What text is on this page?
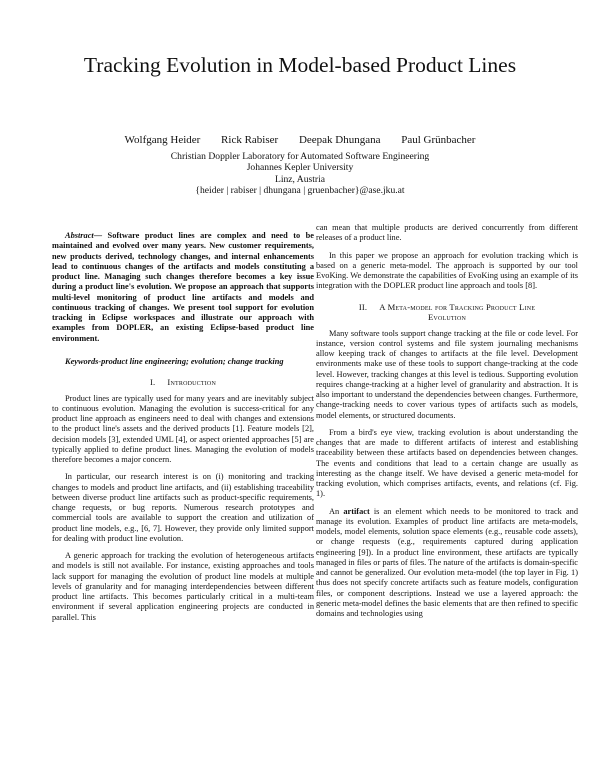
Tracking Evolution in Model-based Product Lines
Wolfgang Heider Rick Rabiser Deepak Dhungana Paul Grünbacher
Christian Doppler Laboratory for Automated Software Engineering
Johannes Kepler University
Linz, Austria
{heider | rabiser | dhungana | gruenbacher}@ase.jku.at

Abstract— Software product lines are complex and need to be maintained and evolved over many years. New customer requirements, new products derived, technology changes, and internal enhancements lead to continuous changes of the artifacts and models constituting a product line. Managing such changes therefore becomes a key issue during a product line's evolution. We propose an approach that supports multi-level monitoring of product line artifacts and models and continuous tracking of changes. We present tool support for evolution tracking in Eclipse workspaces and illustrate our approach with examples from DOPLER, an existing Eclipse-based product line environment.

Keywords-product line engineering; evolution; change tracking

I. Introduction

Product lines are typically used for many years and are inevitably subject to continuous evolution. Managing the evolution is success-critical for any product line approach as engineers need to deal with changes and extensions to the product line's assets and the derived products [1]. Feature models [2], decision models [3], extended UML [4], or aspect oriented approaches [5] are typically applied to define product lines. Managing the evolution of models therefore becomes a major concern.

In particular, our research interest is on (i) monitoring and tracking changes to models and product line artifacts, and (ii) establishing traceability between diverse product line artifacts such as product-specific requirements, change requests, or bug reports. Numerous research prototypes and commercial tools are available to support the creation and utilization of product line models, e.g., [6, 7]. However, they provide only limited support for dealing with product line evolution.

A generic approach for tracking the evolution of heterogeneous artifacts and models is still not available. For instance, existing approaches and tools lack support for managing the evolution of product line models at multiple levels of granularity and for managing interdependencies between different product line artifacts. This becomes particularly critical in a multi-team environment if several application engineering projects are conducted in parallel. This

can mean that multiple products are derived concurrently from different releases of a product line.

In this paper we propose an approach for evolution tracking which is based on a generic meta-model. The approach is supported by our tool EvoKing. We demonstrate the capabilities of EvoKing using an example of its integration with the DOPLER product line approach and tools [8].

II. A Meta-model for Tracking Product Line
Evolution

Many software tools support change tracking at the file or code level. For instance, version control systems and file system journaling mechanisms allow keeping track of changes to artifacts at the file level. Development environments make use of these tools to support change-tracking at the code level. However, tracking changes at this level is tedious. Supporting evolution requires change-tracking at a higher level of granularity and abstraction. It is also important to understand the dependencies between changes. Furthermore, change-tracking needs to cover various types of artifacts such as models, model elements, or structured documents.

From a bird's eye view, tracking evolution is about understanding the changes that are made to different artifacts of interest and establishing traceability between these artifacts based on dependencies between changes. The events and conditions that lead to a certain change are usually as interesting as the change itself. We have devised a generic meta-model for tracking evolution, which comprises artifacts, events, and relations (cf. Fig. 1).

An artifact is an element which needs to be monitored to track and manage its evolution. Examples of product line artifacts are meta-models, models, model elements, solution space elements (e.g., reusable code assets), or change requests (e.g., requirements captured during application engineering [9]). In a product line environment, these artifacts are typically managed in files or parts of files. The nature of the artifacts is domain-specific and cannot be generalized. Our evolution meta-model (the top layer in Fig. 1) thus does not specify concrete artifacts such as feature models, configuration files, or component descriptions. Instead we use a layered approach: the generic meta-model defines the basic elements that are then refined to specific domains and technologies using
